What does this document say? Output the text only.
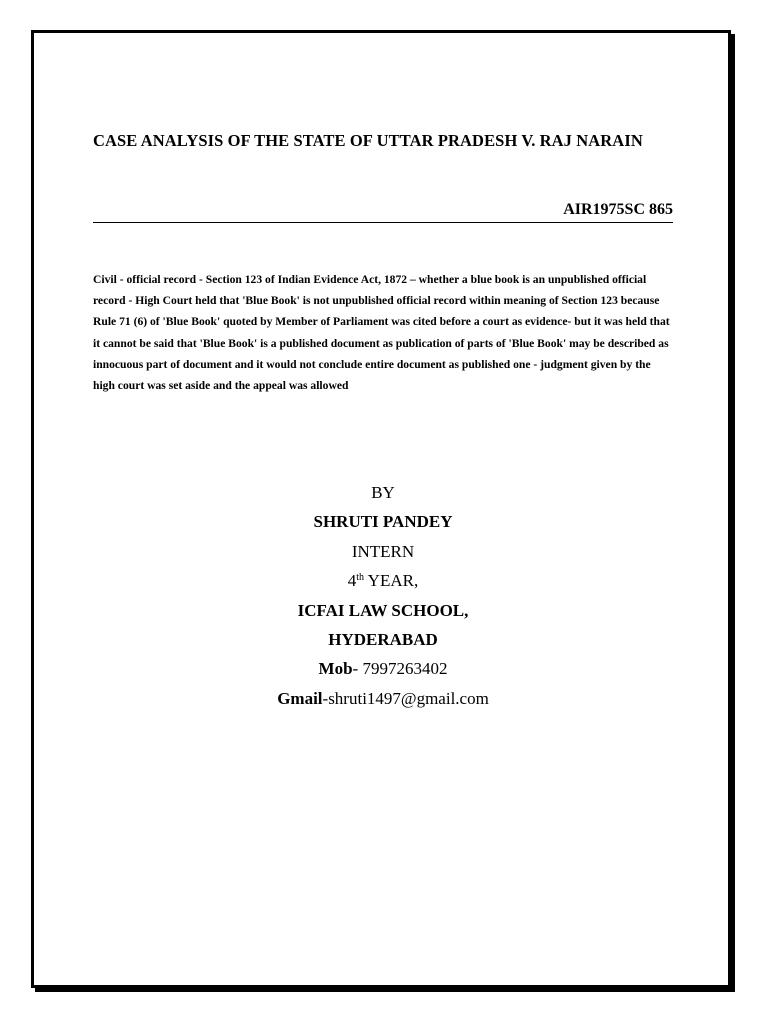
CASE ANALYSIS OF THE STATE OF UTTAR PRADESH V. RAJ NARAIN
AIR1975SC 865

Civil - official record - Section 123 of Indian Evidence Act, 1872 – whether a blue book is an unpublished official record - High Court held that 'Blue Book' is not unpublished official record within meaning of Section 123 because Rule 71 (6) of 'Blue Book' quoted by Member of Parliament was cited before a court as evidence- but it was held that it cannot be said that 'Blue Book' is a published document as publication of parts of 'Blue Book' may be described as innocuous part of document and it would not conclude entire document as published one - judgment given by the high court was set aside and the appeal was allowed

BY
SHRUTI PANDEY
INTERN
4th YEAR,
ICFAI LAW SCHOOL,
HYDERABAD
Mob- 7997263402
Gmail-shruti1497@gmail.com
